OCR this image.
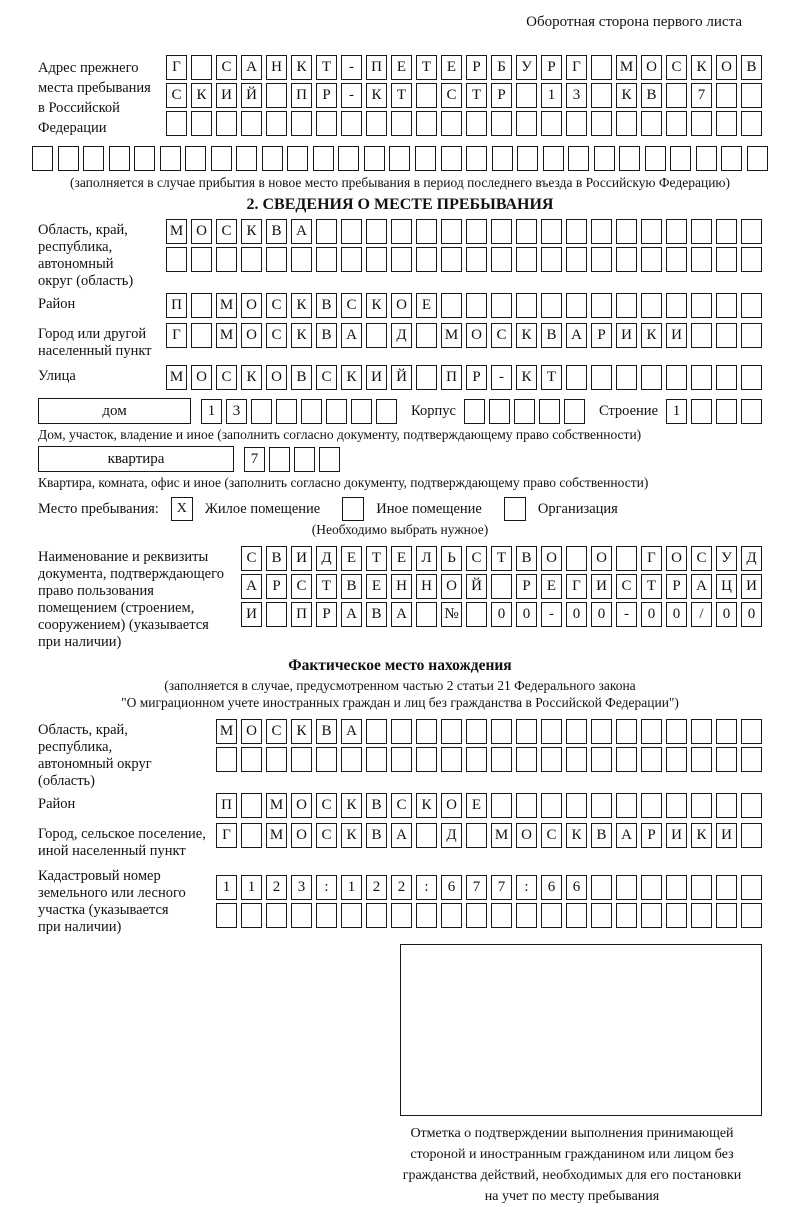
Оборотная сторона первого листа
Адрес прежнего
места пребывания
в Российской
Федерации
Г	С А Н К	Т	-	П Е	Т	Е	Р	Б	У	Р	Г	М О С К О В
С К И Й	П	Р	-	К	Т	С	Т	Р	1	3	К В	7
(заполняется в случае прибытия в новое место пребывания в период последнего въезда в Российскую Федерацию)
2. СВЕДЕНИЯ О МЕСТЕ ПРЕБЫВАНИЯ
Область, край,
республика,
автономный
округ (область)
М О С К В А
Район	П	М О С К В С К О Е
Город или другой
населенный пункт
Г	М О С К В А	Д	М О С К В А	Р	И К И
Улица	М О С К О В С К И Й	П	Р	-	К	Т
дом	1	3	Корпус	Строение 1
Дом, участок, владение и иное (заполнить согласно документу, подтверждающему право собственности)
квартира	7
Квартира, комната, офис и иное (заполнить согласно документу, подтверждающему право собственности)
Место пребывания:	X	Жилое помещение	Иное помещение	Организация
(Необходимо выбрать нужное)
Наименование и реквизиты
документа, подтверждающего
право пользования
помещением (строением,
сооружением) (указывается
при наличии)
С В И Д	Е	Т	Е	Л	Ь	С	Т	В О	О	Г	О С У Д
А	Р	С	Т	В	Е	Н Н О Й	Р	Е	Г	И С	Т	Р	А Ц И
И	П	Р	А В А	№	0	0	-	0	0	-	0	0	/	0	0
Фактическое место нахождения
(заполняется в случае, предусмотренном частью 2 статьи 21 Федерального закона
"О миграционном учете иностранных граждан и лиц без гражданства в Российской Федерации")
Область, край,
республика,
автономный округ
(область)
М О С К В А
Район	П	М О С К В С К О Е
Город, сельское поселение,
иной населенный пункт
Г	М О С К В А	Д	М О С К В А	Р	И К И
Кадастровый номер
земельного или лесного
участка (указывается
при наличии)
1	1	2	3	:	1	2	2	:	6	7	7	:	6	6
Отметка о подтверждении выполнения принимающей
стороной и иностранным гражданином или лицом без
гражданства действий, необходимых для его постановки
на учет по месту пребывания
